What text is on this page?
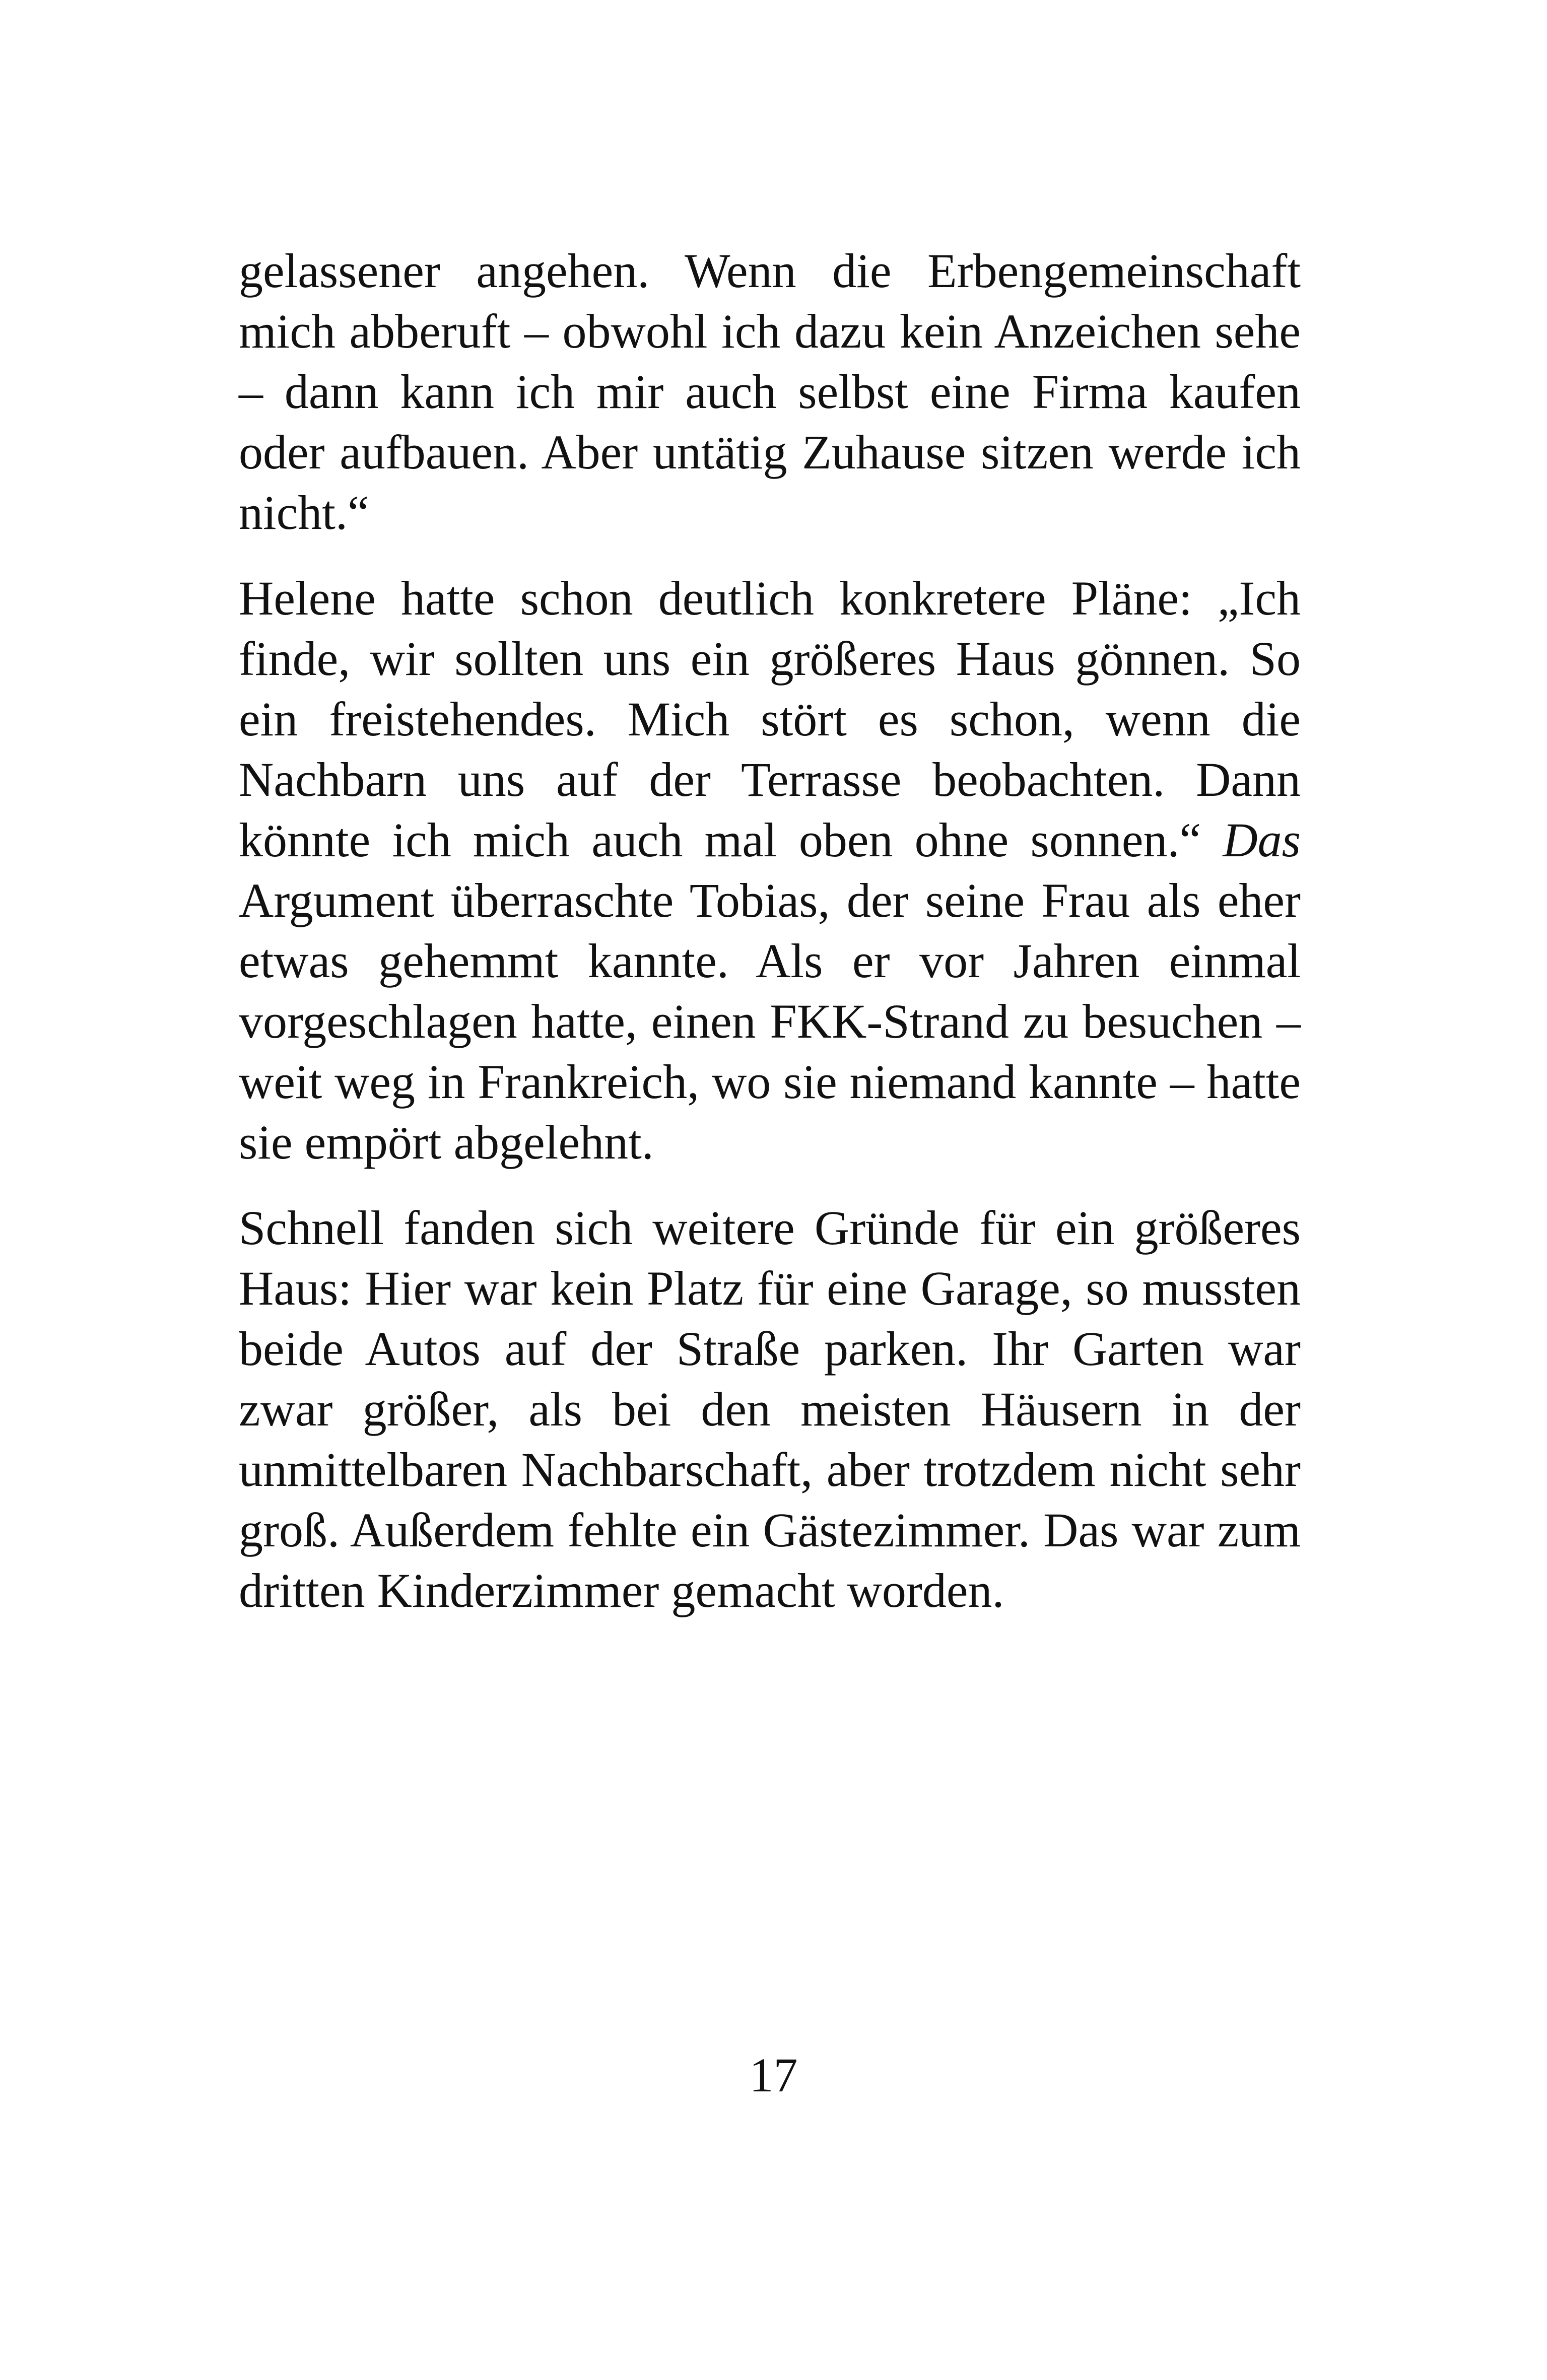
gelassener angehen. Wenn die Erbengemeinschaft mich abberuft – obwohl ich dazu kein Anzeichen sehe – dann kann ich mir auch selbst eine Firma kaufen oder aufbauen. Aber untätig Zuhause sitzen werde ich nicht.“

Helene hatte schon deutlich konkretere Pläne: „Ich finde, wir sollten uns ein größeres Haus gönnen. So ein freistehendes. Mich stört es schon, wenn die Nachbarn uns auf der Terrasse beobachten. Dann könnte ich mich auch mal oben ohne sonnen.“ Das Argument überraschte Tobias, der seine Frau als eher etwas gehemmt kannte. Als er vor Jahren einmal vorgeschlagen hatte, einen FKK-Strand zu besuchen – weit weg in Frankreich, wo sie niemand kannte – hatte sie empört abgelehnt.

Schnell fanden sich weitere Gründe für ein größeres Haus: Hier war kein Platz für eine Garage, so mussten beide Autos auf der Straße parken. Ihr Garten war zwar größer, als bei den meisten Häusern in der unmittelbaren Nachbarschaft, aber trotzdem nicht sehr groß. Außerdem fehlte ein Gästezimmer. Das war zum dritten Kinderzimmer gemacht worden.

17
